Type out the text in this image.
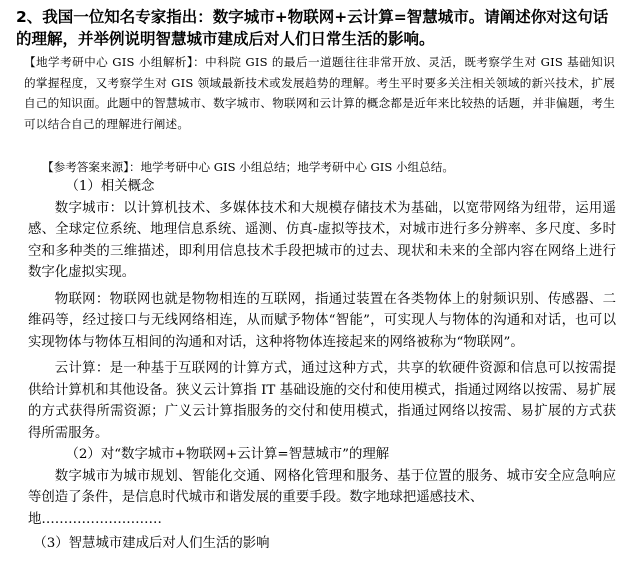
2、我国一位知名专家指出：数字城市+物联网+云计算=智慧城市。请阐述你对这句话的理解，并举例说明智慧城市建成后对人们日常生活的影响。
【地学考研中心 GIS 小组解析】：中科院 GIS 的最后一道题往往非常开放、灵活，既考察学生对 GIS 基础知识的掌握程度，又考察学生对 GIS 领域最新技术或发展趋势的理解。考生平时要多关注相关领域的新兴技术，扩展自己的知识面。此题中的智慧城市、数字城市、物联网和云计算的概念都是近年来比较热的话题，并非偏题，考生可以结合自己的理解进行阐述。
【参考答案来源】：地学考研中心 GIS 小组总结；地学考研中心 GIS 小组总结。

（1）相关概念

数字城市：以计算机技术、多媒体技术和大规模存储技术为基础，以宽带网络为纽带，运用遥感、全球定位系统、地理信息系统、遥测、仿真-虚拟等技术，对城市进行多分辨率、多尺度、多时空和多种类的三维描述，即利用信息技术手段把城市的过去、现状和未来的全部内容在网络上进行数字化虚拟实现。

物联网：物联网也就是物物相连的互联网，指通过装置在各类物体上的射频识别、传感器、二维码等，经过接口与无线网络相连，从而赋予物体“智能”，可实现人与物体的沟通和对话，也可以实现物体与物体互相间的沟通和对话，这种将物体连接起来的网络被称为“物联网”。

云计算：是一种基于互联网的计算方式，通过这种方式，共享的软硬件资源和信息可以按需提供给计算机和其他设备。狭义云计算指 IT 基础设施的交付和使用模式，指通过网络以按需、易扩展的方式获得所需资源；广义云计算指服务的交付和使用模式，指通过网络以按需、易扩展的方式获得所需服务。

（2）对“数字城市+物联网+云计算=智慧城市”的理解

数字城市为城市规划、智能化交通、网格化管理和服务、基于位置的服务、城市安全应急响应等创造了条件，是信息时代城市和谐发展的重要手段。数字地球把遥感技术、

地………………………

（3）智慧城市建成后对人们生活的影响
